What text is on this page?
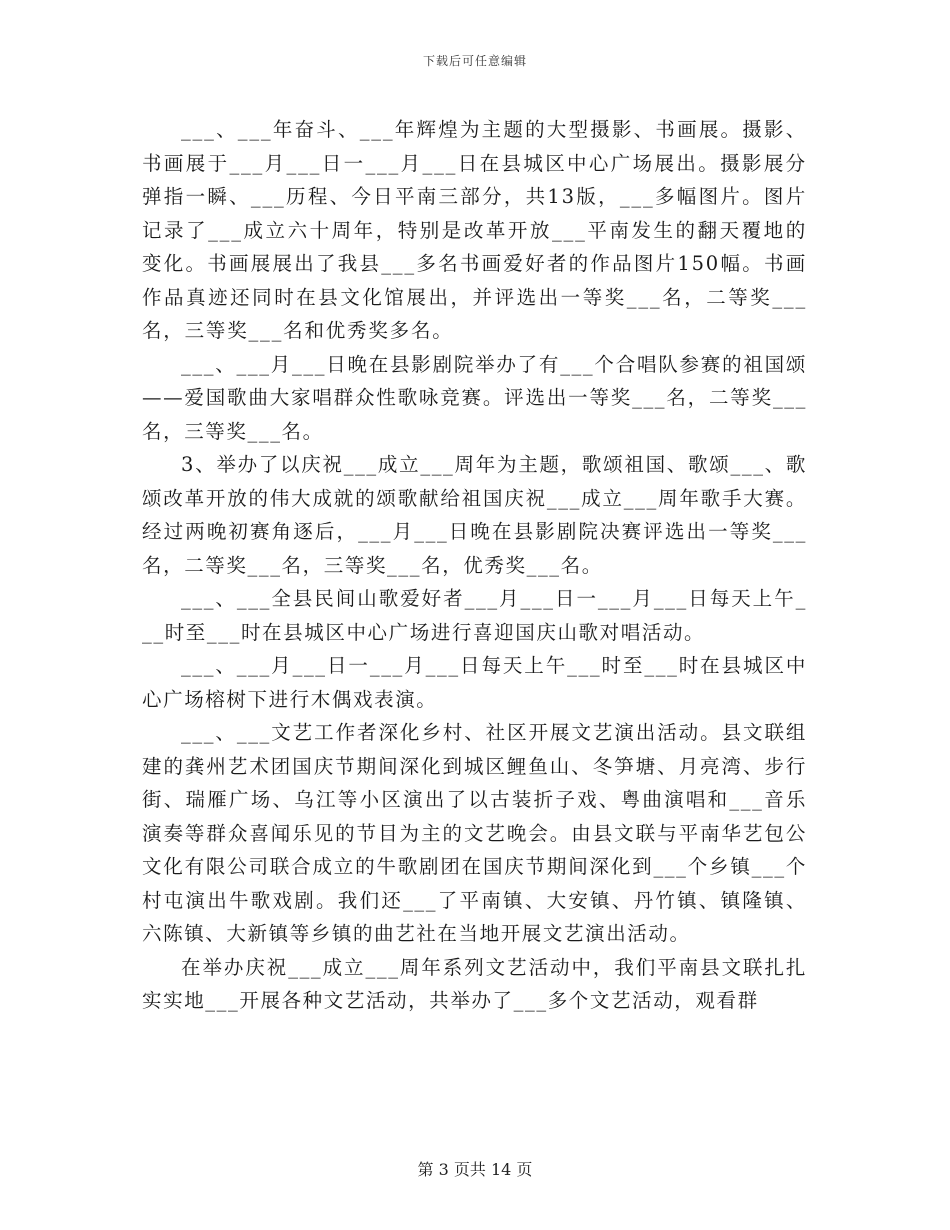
下载后可任意编辑

___、___年奋斗、___年辉煌为主题的大型摄影、书画展。摄影、书画展于___月___日一___月___日在县城区中心广场展出。摄影展分弹指一瞬、___历程、今日平南三部分，共13版，___多幅图片。图片记录了___成立六十周年，特别是改革开放___平南发生的翻天覆地的变化。书画展展出了我县___多名书画爱好者的作品图片150幅。书画作品真迹还同时在县文化馆展出，并评选出一等奖___名，二等奖___名，三等奖___名和优秀奖多名。

___、___月___日晚在县影剧院举办了有___个合唱队参赛的祖国颂——爱国歌曲大家唱群众性歌咏竞赛。评选出一等奖___名，二等奖___名，三等奖___名。

3、举办了以庆祝___成立___周年为主题，歌颂祖国、歌颂___、歌颂改革开放的伟大成就的颂歌献给祖国庆祝___成立___周年歌手大赛。经过两晚初赛角逐后，___月___日晚在县影剧院决赛评选出一等奖___名，二等奖___名，三等奖___名，优秀奖___名。

___、___全县民间山歌爱好者___月___日一___月___日每天上午___时至___时在县城区中心广场进行喜迎国庆山歌对唱活动。

___、___月___日一___月___日每天上午___时至___时在县城区中心广场榕树下进行木偶戏表演。

___、___文艺工作者深化乡村、社区开展文艺演出活动。县文联组建的龚州艺术团国庆节期间深化到城区鲤鱼山、冬笋塘、月亮湾、步行街、瑞雁广场、乌江等小区演出了以古装折子戏、粤曲演唱和___音乐演奏等群众喜闻乐见的节目为主的文艺晚会。由县文联与平南华艺包公文化有限公司联合成立的牛歌剧团在国庆节期间深化到___个乡镇___个村屯演出牛歌戏剧。我们还___了平南镇、大安镇、丹竹镇、镇隆镇、六陈镇、大新镇等乡镇的曲艺社在当地开展文艺演出活动。

在举办庆祝___成立___周年系列文艺活动中，我们平南县文联扎扎实实地___开展各种文艺活动，共举办了___多个文艺活动，观看群

第 3 页共 14 页
